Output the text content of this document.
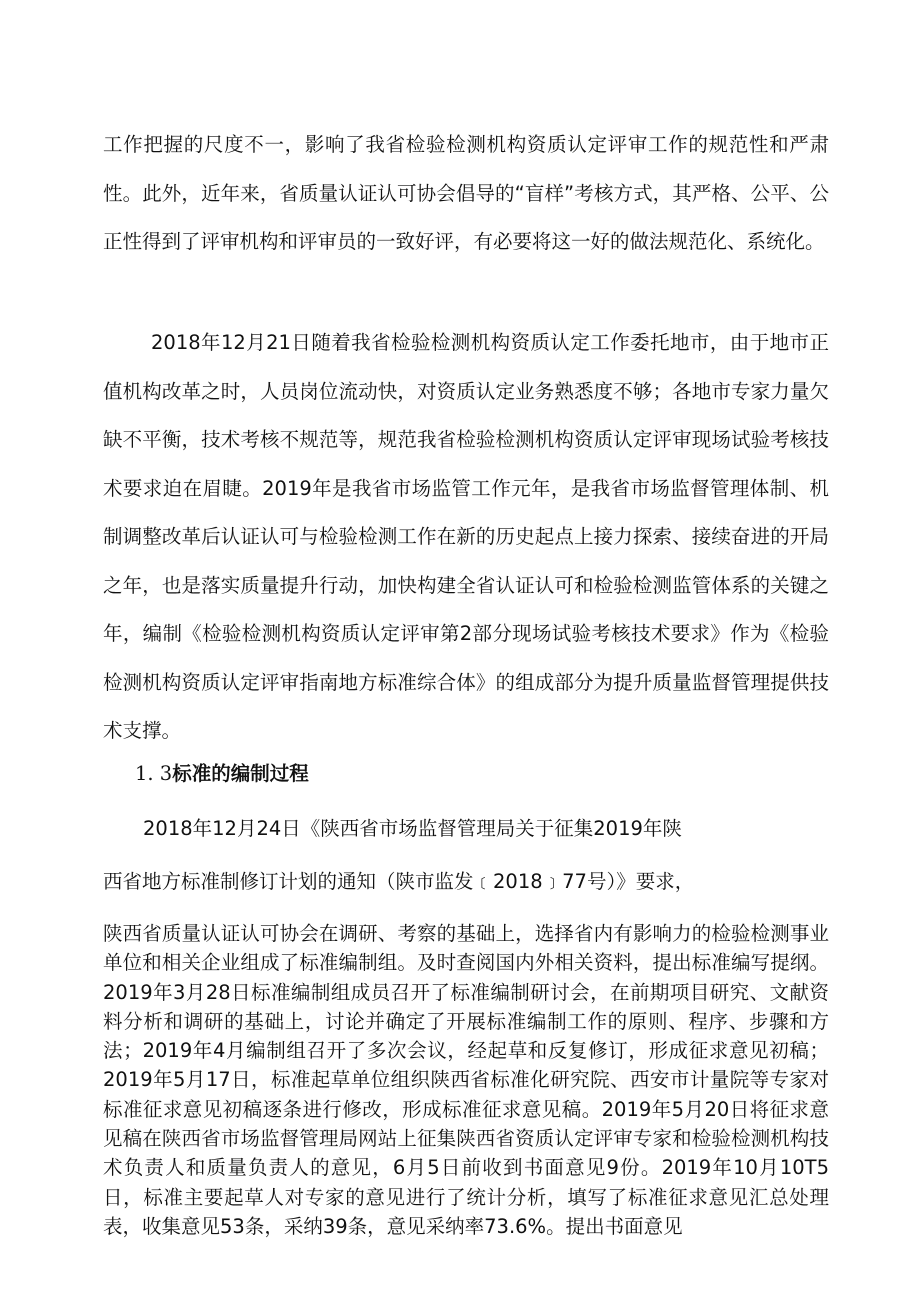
工作把握的尺度不一，影响了我省检验检测机构资质认定评审工作的规范性和严肃性。此外，近年来，省质量认证认可协会倡导的“盲样”考核方式，其严格、公平、公正性得到了评审机构和评审员的一致好评，有必要将这一好的做法规范化、系统化。

2018年12月21日随着我省检验检测机构资质认定工作委托地市，由于地市正值机构改革之时，人员岗位流动快，对资质认定业务熟悉度不够；各地市专家力量欠缺不平衡，技术考核不规范等，规范我省检验检测机构资质认定评审现场试验考核技术要求迫在眉睫。2019年是我省市场监管工作元年，是我省市场监督管理体制、机制调整改革后认证认可与检验检测工作在新的历史起点上接力探索、接续奋进的开局之年，也是落实质量提升行动，加快构建全省认证认可和检验检测监管体系的关键之年，编制《检验检测机构资质认定评审第2部分现场试验考核技术要求》作为《检验检测机构资质认定评审指南地方标准综合体》的组成部分为提升质量监督管理提供技术支撑。

1. 3标准的编制过程

2018年12月24日《陕西省市场监督管理局关于征集2019年陕

西省地方标准制修订计划的通知（陕市监发﹝2018﹞77号）》要求，

陕西省质量认证认可协会在调研、考察的基础上，选择省内有影响力的检验检测事业单位和相关企业组成了标准编制组。及时查阅国内外相关资料，提出标准编写提纲。2019年3月28日标准编制组成员召开了标准编制研讨会，在前期项目研究、文献资料分析和调研的基础上，讨论并确定了开展标准编制工作的原则、程序、步骤和方法；2019年4月编制组召开了多次会议，经起草和反复修订，形成征求意见初稿；2019年5月17日，标准起草单位组织陕西省标准化研究院、西安市计量院等专家对标准征求意见初稿逐条进行修改，形成标准征求意见稿。2019年5月20日将征求意见稿在陕西省市场监督管理局网站上征集陕西省资质认定评审专家和检验检测机构技术负责人和质量负责人的意见，6月5日前收到书面意见9份。2019年10月10T5日，标准主要起草人对专家的意见进行了统计分析，填写了标准征求意见汇总处理表，收集意见53条，采纳39条，意见采纳率73.6%。提出书面意见
